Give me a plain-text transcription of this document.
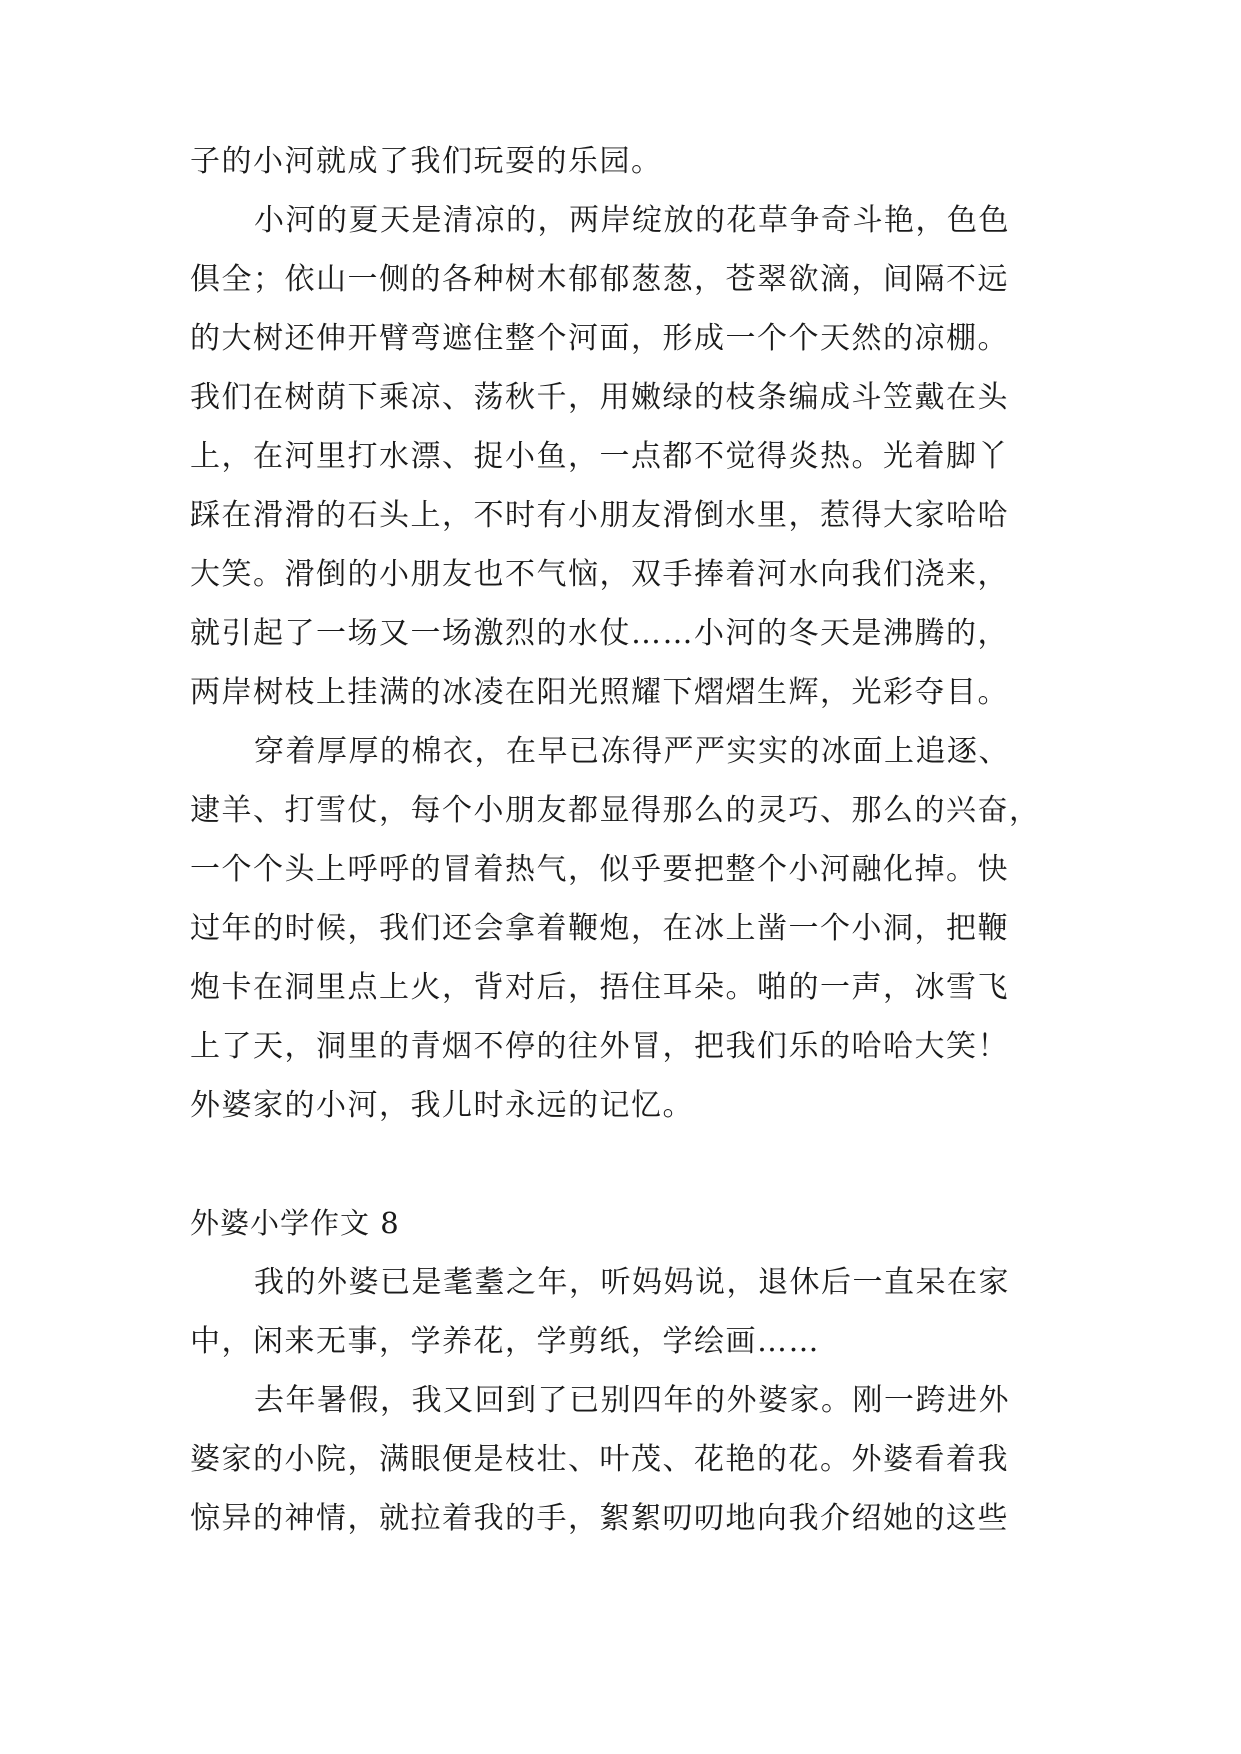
子的小河就成了我们玩耍的乐园。
小河的夏天是清凉的，两岸绽放的花草争奇斗艳，色色
俱全；依山一侧的各种树木郁郁葱葱，苍翠欲滴，间隔不远
的大树还伸开臂弯遮住整个河面，形成一个个天然的凉棚。
我们在树荫下乘凉、荡秋千，用嫩绿的枝条编成斗笠戴在头
上，在河里打水漂、捉小鱼，一点都不觉得炎热。光着脚丫
踩在滑滑的石头上，不时有小朋友滑倒水里，惹得大家哈哈
大笑。滑倒的小朋友也不气恼，双手捧着河水向我们浇来，
就引起了一场又一场激烈的水仗……小河的冬天是沸腾的，
两岸树枝上挂满的冰凌在阳光照耀下熠熠生辉，光彩夺目。
穿着厚厚的棉衣，在早已冻得严严实实的冰面上追逐、
逮羊、打雪仗，每个小朋友都显得那么的灵巧、那么的兴奋，
一个个头上呼呼的冒着热气，似乎要把整个小河融化掉。快
过年的时候，我们还会拿着鞭炮，在冰上凿一个小洞，把鞭
炮卡在洞里点上火，背对后，捂住耳朵。啪的一声，冰雪飞
上了天，洞里的青烟不停的往外冒，把我们乐的哈哈大笑！
外婆家的小河，我儿时永远的记忆。
外婆小学作文 8
我的外婆已是耄耋之年，听妈妈说，退休后一直呆在家
中，闲来无事，学养花，学剪纸，学绘画……
去年暑假，我又回到了已别四年的外婆家。刚一跨进外
婆家的小院，满眼便是枝壮、叶茂、花艳的花。外婆看着我
惊异的神情，就拉着我的手，絮絮叨叨地向我介绍她的这些
